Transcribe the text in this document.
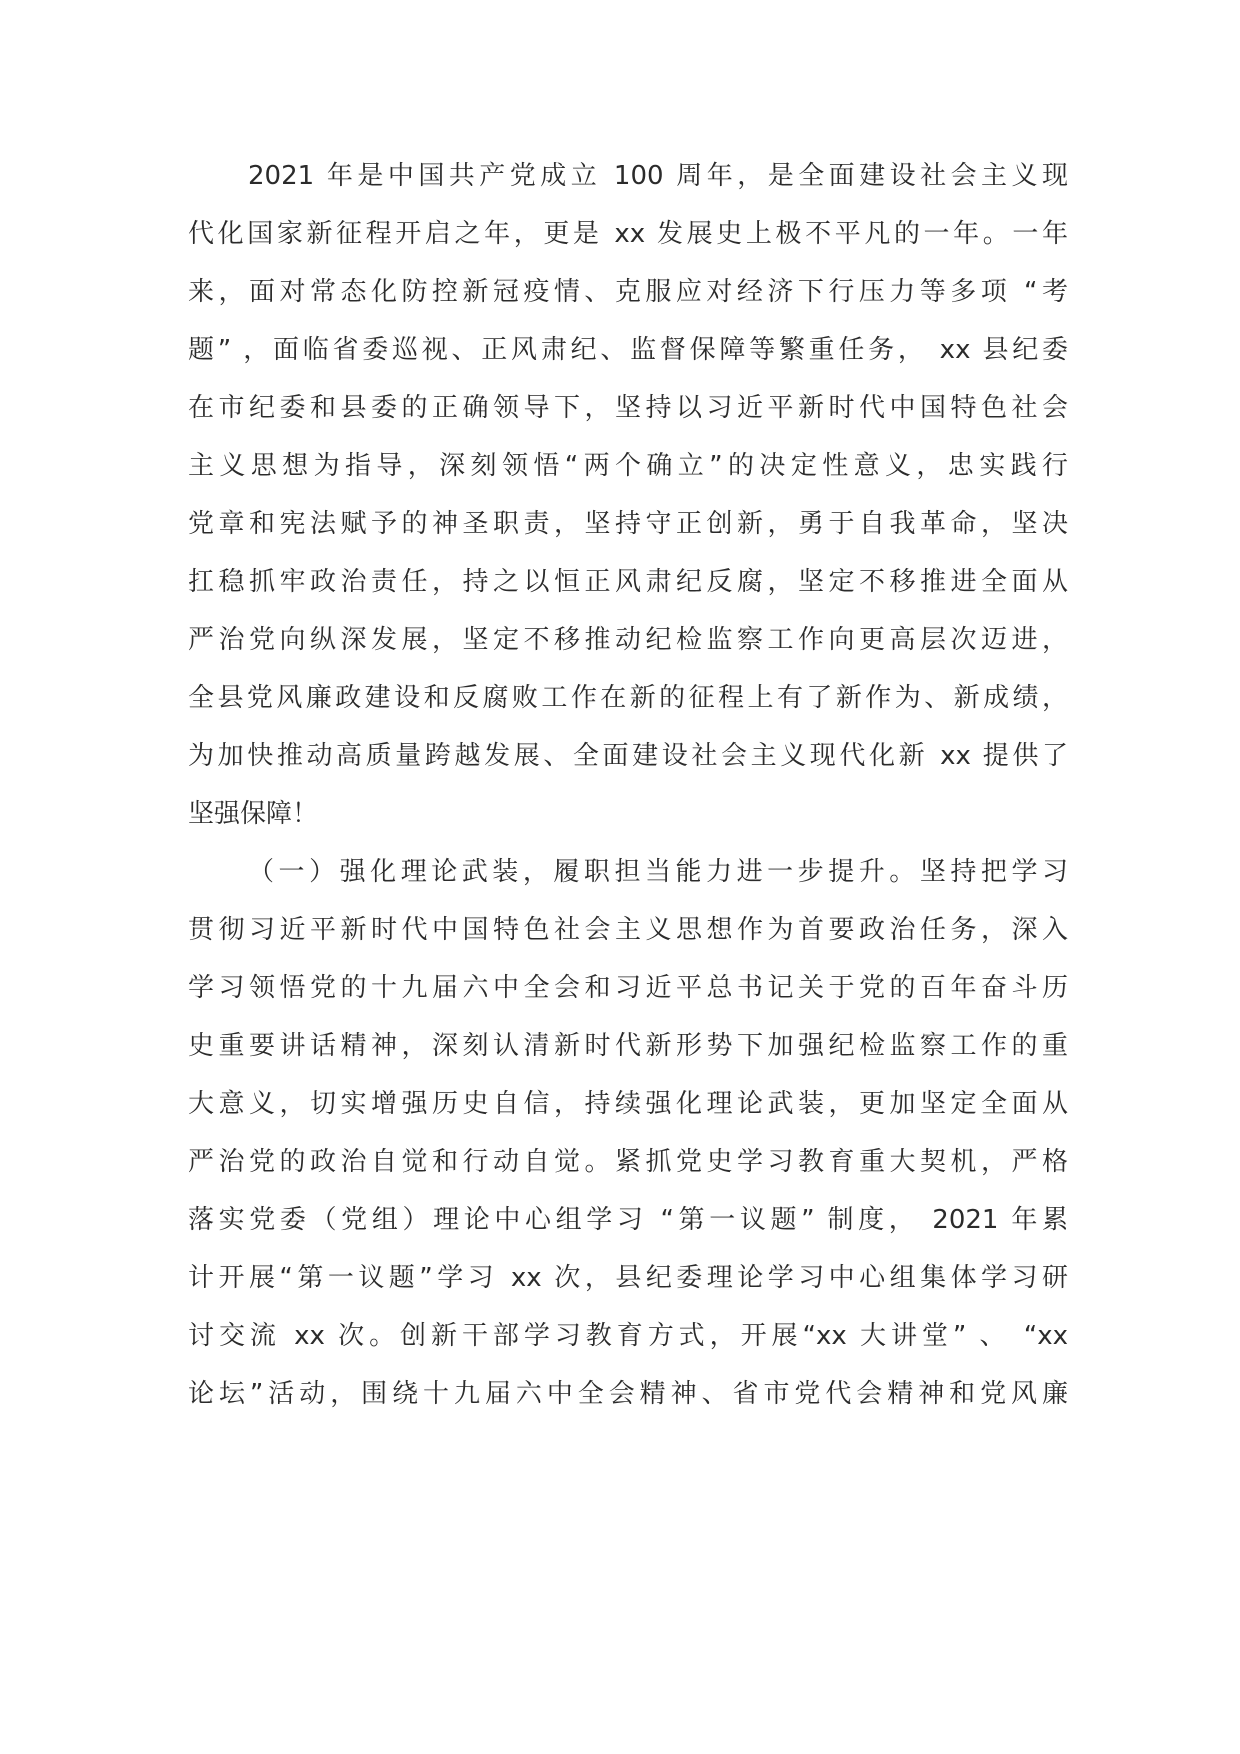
2021 年是中国共产党成立 100 周年，是全面建设社会主义现

代化国家新征程开启之年，更是 xx 发展史上极不平凡的一年。一年

来，面对常态化防控新冠疫情、克服应对经济下行压力等多项 “考

题” ，面临省委巡视、正风肃纪、监督保障等繁重任务， xx 县纪委

在市纪委和县委的正确领导下，坚持以习近平新时代中国特色社会

主义思想为指导，深刻领悟“两个确立”的决定性意义，忠实践行

党章和宪法赋予的神圣职责，坚持守正创新，勇于自我革命，坚决

扛稳抓牢政治责任，持之以恒正风肃纪反腐，坚定不移推进全面从

严治党向纵深发展，坚定不移推动纪检监察工作向更高层次迈进，

全县党风廉政建设和反腐败工作在新的征程上有了新作为、新成绩，

为加快推动高质量跨越发展、全面建设社会主义现代化新 xx 提供了

坚强保障！

（一）强化理论武装，履职担当能力进一步提升。坚持把学习

贯彻习近平新时代中国特色社会主义思想作为首要政治任务，深入

学习领悟党的十九届六中全会和习近平总书记关于党的百年奋斗历

史重要讲话精神，深刻认清新时代新形势下加强纪检监察工作的重

大意义，切实增强历史自信，持续强化理论武装，更加坚定全面从

严治党的政治自觉和行动自觉。紧抓党史学习教育重大契机，严格

落实党委（党组）理论中心组学习 “第一议题” 制度， 2021 年累

计开展“第一议题”学习 xx 次，县纪委理论学习中心组集体学习研

讨交流 xx 次。创新干部学习教育方式，开展“xx 大讲堂” 、 “xx

论坛”活动，围绕十九届六中全会精神、省市党代会精神和党风廉
